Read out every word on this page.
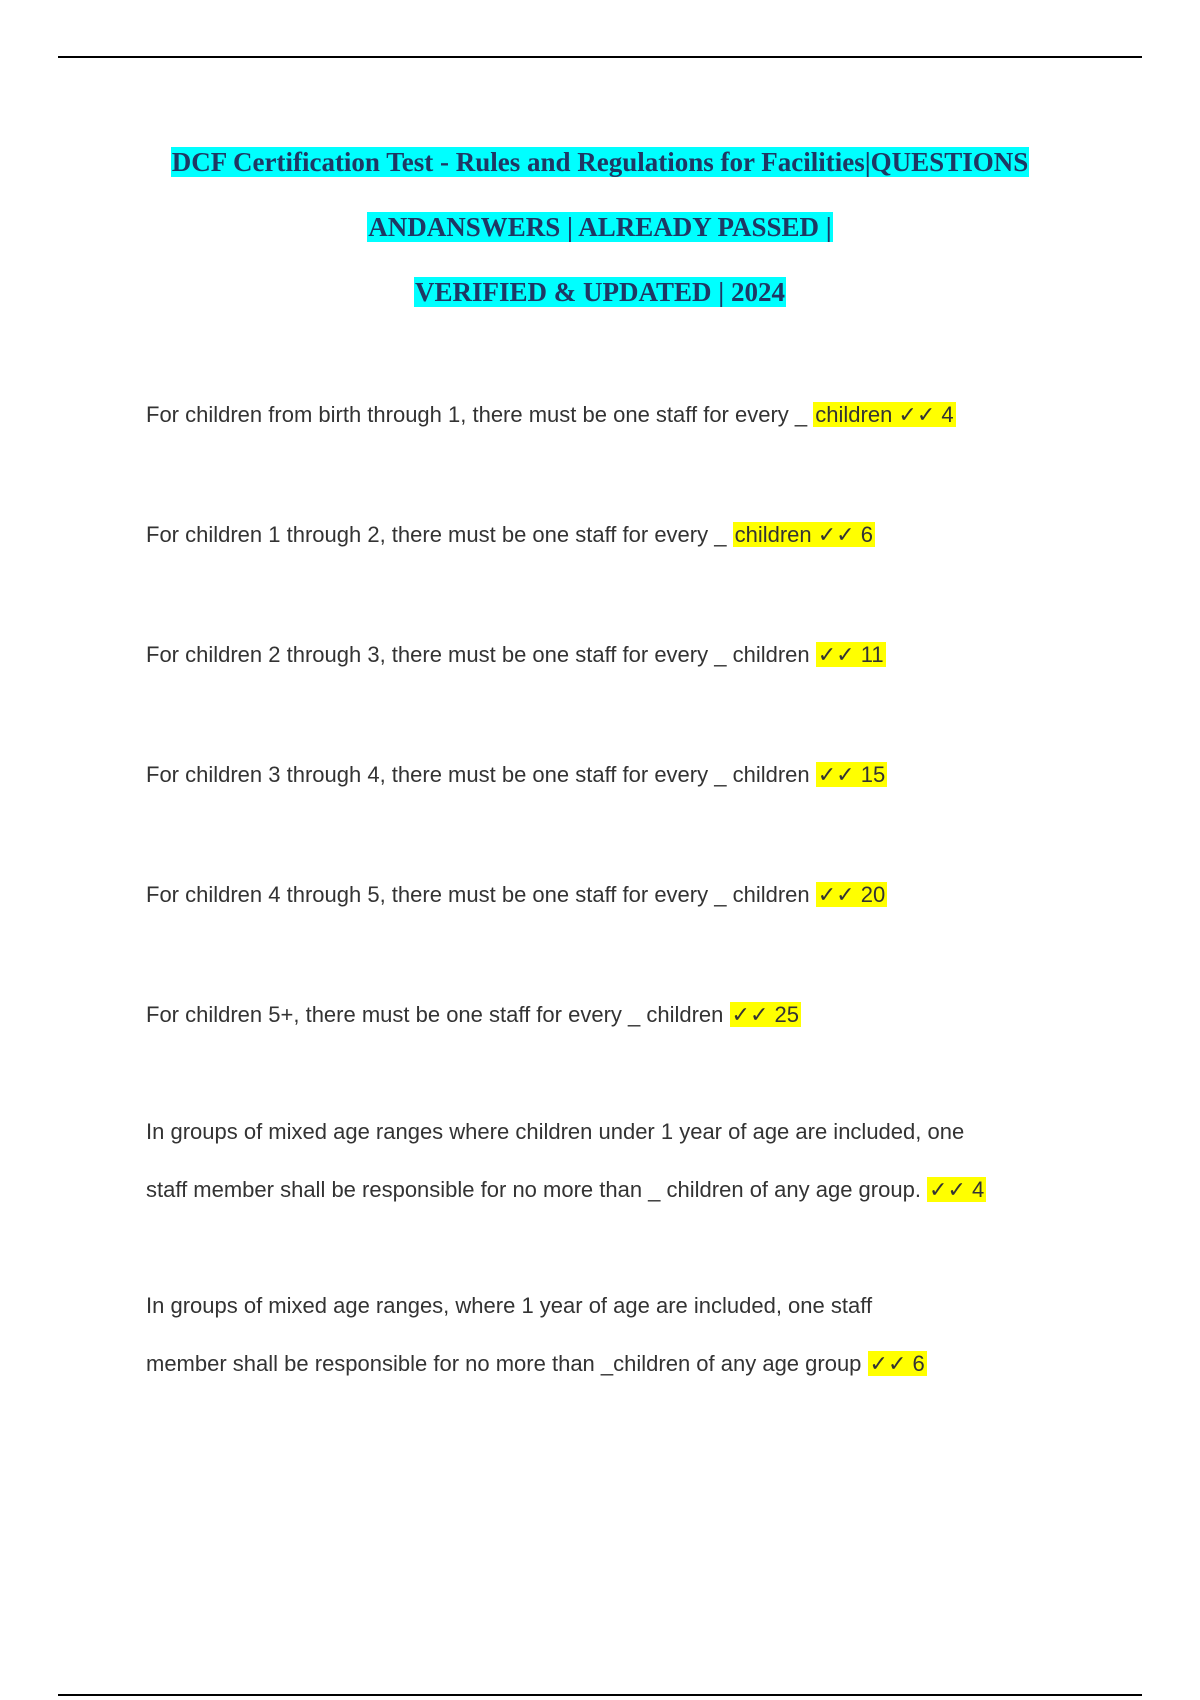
DCF Certification Test - Rules and Regulations for Facilities|QUESTIONS
ANDANSWERS | ALREADY PASSED |
VERIFIED & UPDATED | 2024
For children from birth through 1, there must be one staff for every _ children ✓✓ 4
For children 1 through 2, there must be one staff for every _ children ✓✓ 6
For children 2 through 3, there must be one staff for every _ children ✓✓ 11
For children 3 through 4, there must be one staff for every _ children ✓✓ 15
For children 4 through 5, there must be one staff for every _ children ✓✓ 20
For children 5+, there must be one staff for every _ children ✓✓ 25
In groups of mixed age ranges where children under 1 year of age are included, one
staff member shall be responsible for no more than _ children of any age group. ✓✓ 4
In groups of mixed age ranges, where 1 year of age are included, one staff
member shall be responsible for no more than _children of any age group ✓✓ 6
